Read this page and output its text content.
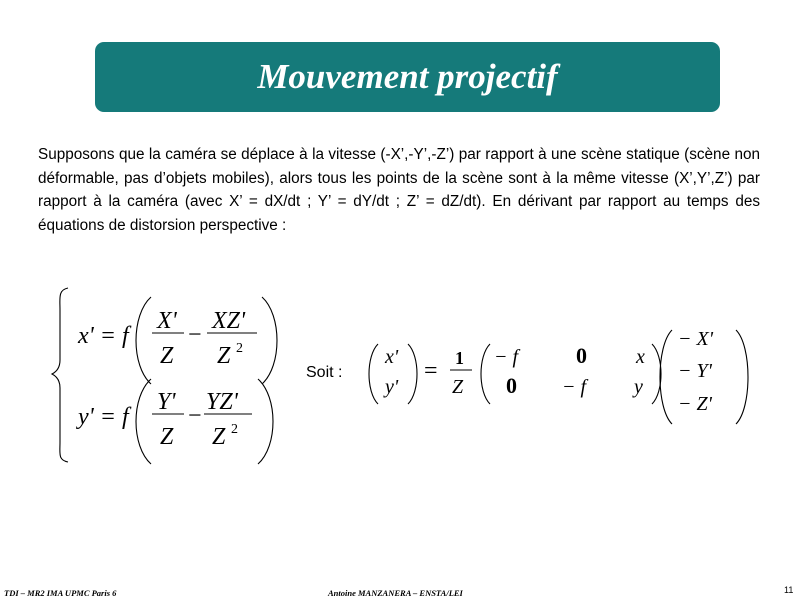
Mouvement projectif

Supposons que la caméra se déplace à la vitesse (-X’,-Y’,-Z’) par rapport à une scène statique (scène non déformable, pas d’objets mobiles), alors tous les points de la scène sont à la même vitesse (X’,Y’,Z’) par rapport à la caméra (avec X’ = dX/dt ; Y’ = dY/dt ; Z’ = dZ/dt). En dérivant par rapport au temps des équations de distorsion perspective :

x' = f
X'
Z
−
XZ'
Z 2
y' = f
Y'
Z
−
YZ'
Z 2
x'
y'
= 1
Z
− f	0 x
0 − f y
− X'
− Y'
− Z'
Soit :
TDI – MR2 IMA UPMC Paris 6	Antoine MANZANERA – ENSTA/LEI	11
